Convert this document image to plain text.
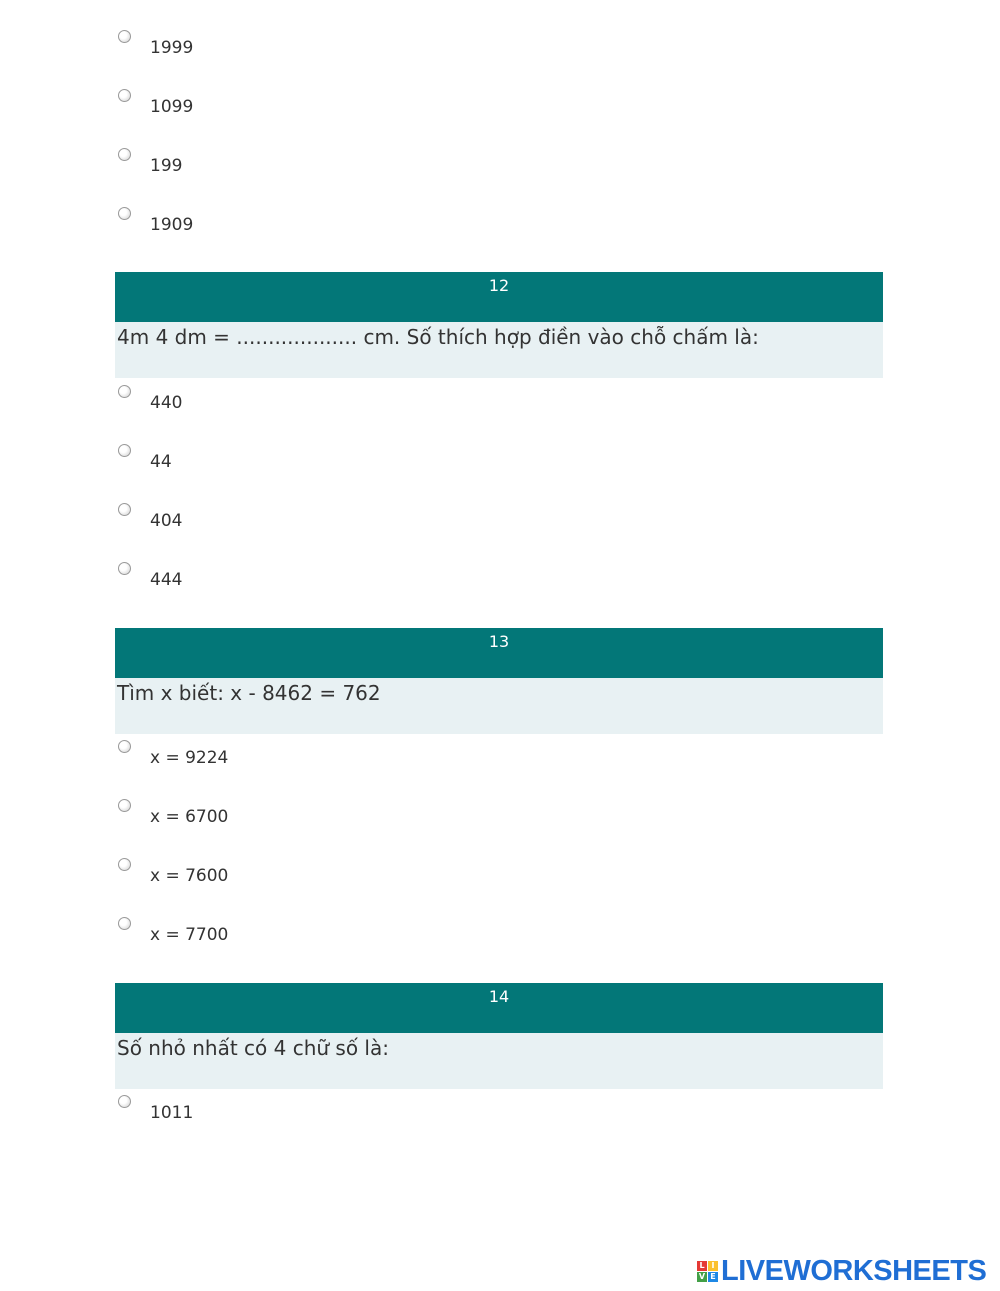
1999
1099
199
1909
12
4m 4 dm = ................... cm. Số thích hợp điền vào chỗ chấm là:
440
44
404
444
13
Tìm x biết: x - 8462 = 762
x = 9224
x = 6700
x = 7600
x = 7700
14
Số nhỏ nhất có 4 chữ số là:
1011
L I
V E LIVEWORKSHEETS
